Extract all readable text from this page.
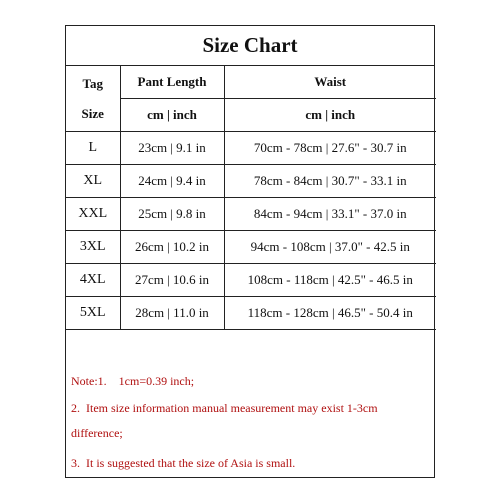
Size Chart
Tag
Size	Pant Length	Waist
	cm | inch	cm | inch
L	23cm | 9.1 in	70cm - 78cm | 27.6" - 30.7 in
XL	24cm | 9.4 in	78cm - 84cm | 30.7" - 33.1 in
XXL	25cm | 9.8 in	84cm - 94cm | 33.1" - 37.0 in
3XL	26cm | 10.2 in	94cm - 108cm | 37.0" - 42.5 in
4XL	27cm | 10.6 in	108cm - 118cm | 42.5" - 46.5 in
5XL	28cm | 11.0 in	118cm - 128cm | 46.5" - 50.4 in
Note:1.    1cm=0.39 inch;
2.  Item size information manual measurement may exist 1-3cm
difference;
3.  It is suggested that the size of Asia is small.
